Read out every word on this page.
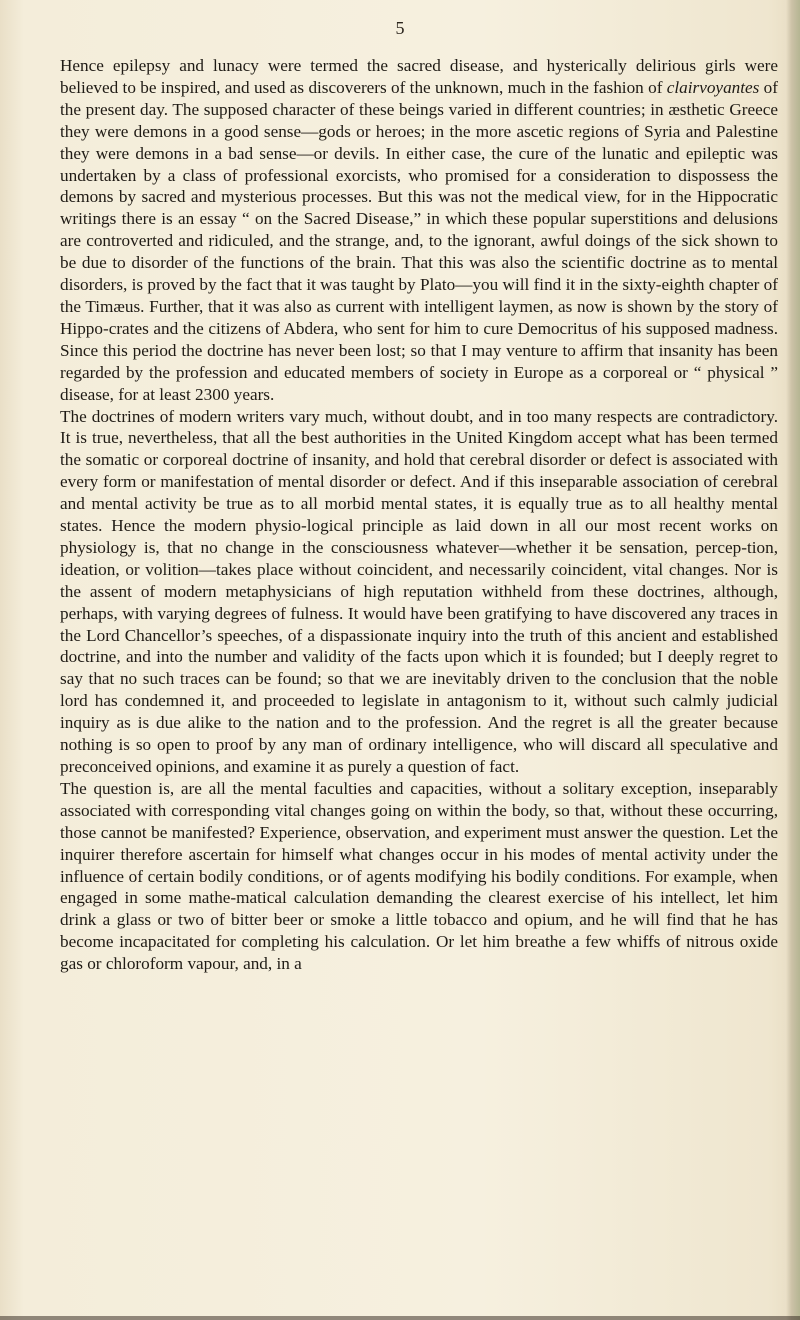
5

Hence epilepsy and lunacy were termed the sacred disease, and hysterically delirious girls were believed to be inspired, and used as discoverers of the unknown, much in the fashion of clairvoyantes of the present day. The supposed character of these beings varied in different countries; in æsthetic Greece they were demons in a good sense—gods or heroes; in the more ascetic regions of Syria and Palestine they were demons in a bad sense—or devils. In either case, the cure of the lunatic and epileptic was undertaken by a class of professional exorcists, who promised for a consideration to dispossess the demons by sacred and mysterious processes. But this was not the medical view, for in the Hippocratic writings there is an essay “ on the Sacred Disease,” in which these popular superstitions and delusions are controverted and ridiculed, and the strange, and, to the ignorant, awful doings of the sick shown to be due to disorder of the functions of the brain. That this was also the scientific doctrine as to mental disorders, is proved by the fact that it was taught by Plato—you will find it in the sixty-eighth chapter of the Timæus. Further, that it was also as current with intelligent laymen, as now is shown by the story of Hippo-crates and the citizens of Abdera, who sent for him to cure Democritus of his supposed madness. Since this period the doctrine has never been lost; so that I may venture to affirm that insanity has been regarded by the profession and educated members of society in Europe as a corporeal or “ physical ” disease, for at least 2300 years.

The doctrines of modern writers vary much, without doubt, and in too many respects are contradictory. It is true, nevertheless, that all the best authorities in the United Kingdom accept what has been termed the somatic or corporeal doctrine of insanity, and hold that cerebral disorder or defect is associated with every form or manifestation of mental disorder or defect. And if this inseparable association of cerebral and mental activity be true as to all morbid mental states, it is equally true as to all healthy mental states. Hence the modern physio-logical principle as laid down in all our most recent works on physiology is, that no change in the consciousness whatever—whether it be sensation, percep-tion, ideation, or volition—takes place without coincident, and necessarily coincident, vital changes. Nor is the assent of modern metaphysicians of high reputation withheld from these doctrines, although, perhaps, with varying degrees of fulness. It would have been gratifying to have discovered any traces in the Lord Chancellor’s speeches, of a dispassionate inquiry into the truth of this ancient and established doctrine, and into the number and validity of the facts upon which it is founded; but I deeply regret to say that no such traces can be found; so that we are inevitably driven to the conclusion that the noble lord has condemned it, and proceeded to legislate in antagonism to it, without such calmly judicial inquiry as is due alike to the nation and to the profession. And the regret is all the greater because nothing is so open to proof by any man of ordinary intelligence, who will discard all speculative and preconceived opinions, and examine it as purely a question of fact.

The question is, are all the mental faculties and capacities, without a solitary exception, inseparably associated with corresponding vital changes going on within the body, so that, without these occurring, those cannot be manifested? Experience, observation, and experiment must answer the question. Let the inquirer therefore ascertain for himself what changes occur in his modes of mental activity under the influence of certain bodily conditions, or of agents modifying his bodily conditions. For example, when engaged in some mathe-matical calculation demanding the clearest exercise of his intellect, let him drink a glass or two of bitter beer or smoke a little tobacco and opium, and he will find that he has become incapacitated for completing his calculation. Or let him breathe a few whiffs of nitrous oxide gas or chloroform vapour, and, in a
